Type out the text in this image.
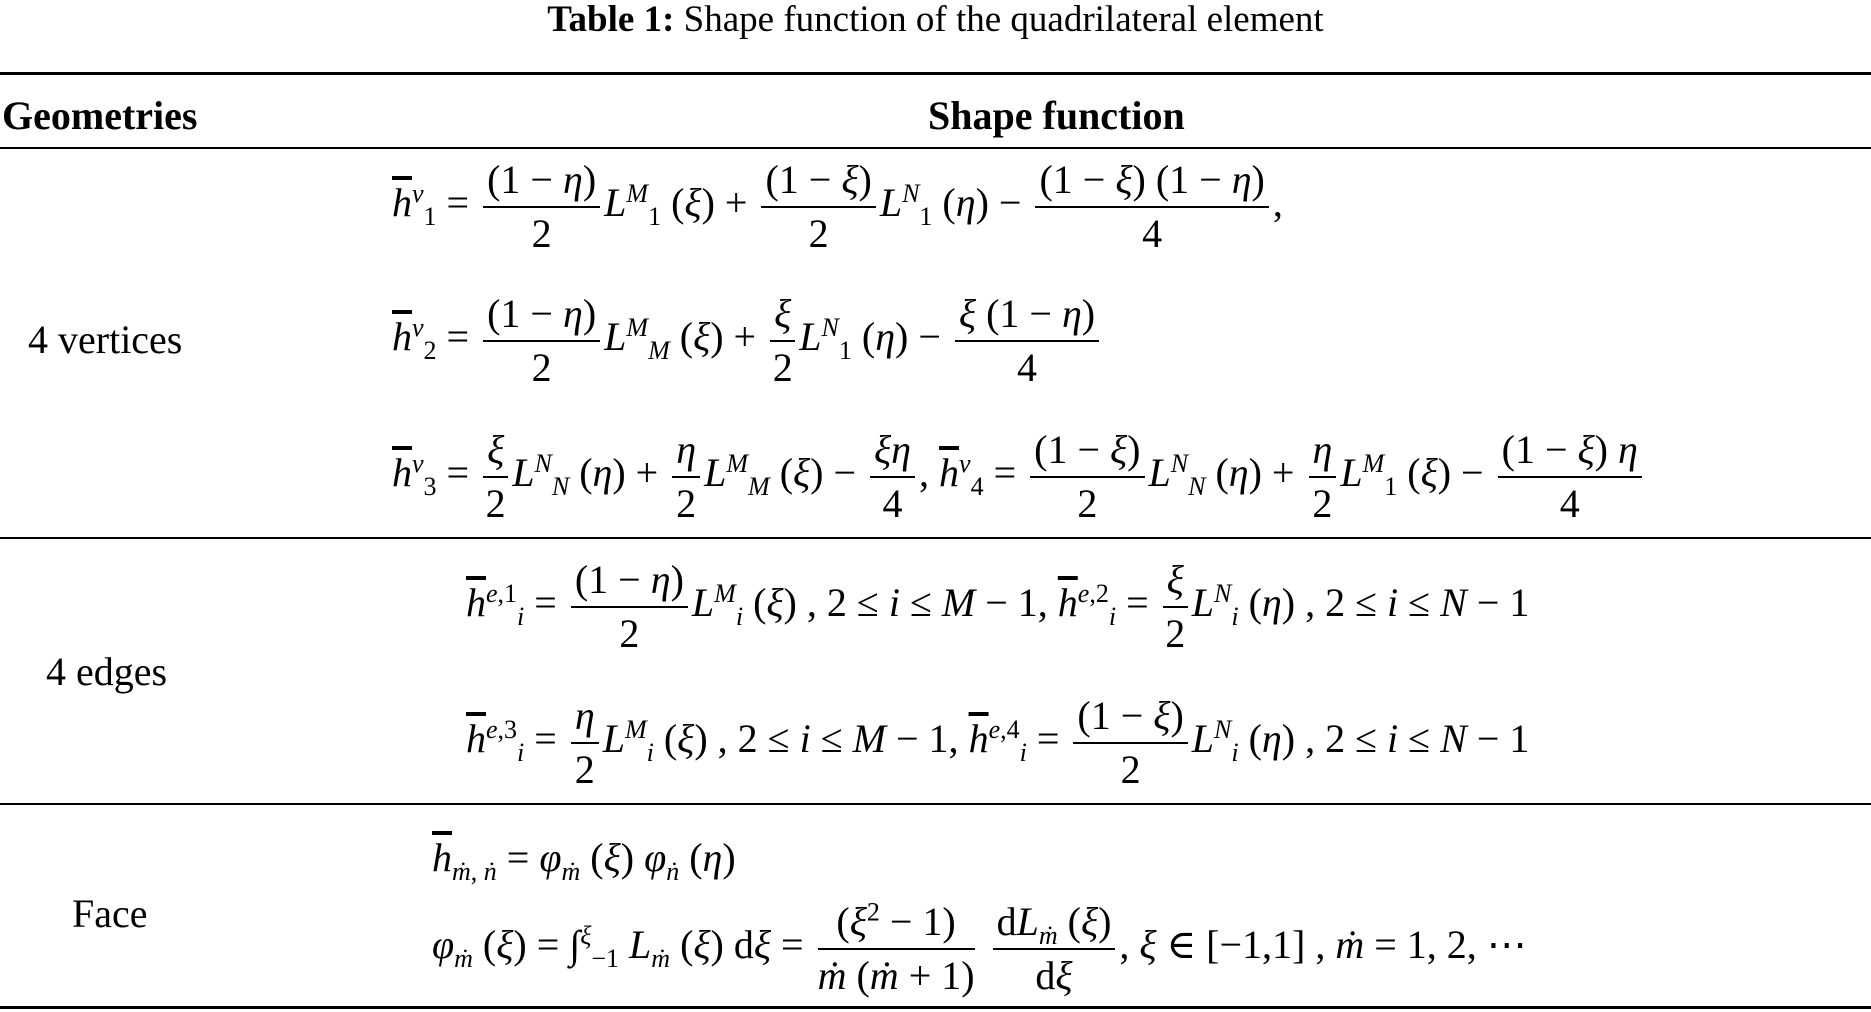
Table 1: Shape function of the quadrilateral element
Geometries	Shape function
4 vertices
$\overline{h}^v_1 = \frac{(1 - \eta)}{2} L^M_1$ $(\xi) + \frac{(1 - \xi)}{2} L^N_1$ $(\eta) - \frac{(1 - \xi) (1 - \eta)}{4}$ ,
$\overline{h}^v_2 = \frac{(1 - \eta)}{2} L^M_M$ $(\xi) + \frac{\xi}{2} L^N_1$ $(\eta) - \frac{\xi (1 - \eta)}{4}$
$\overline{h}^v_3 = \frac{\xi}{2} L^N_N$ $(\eta) + \frac{\eta}{2} L^M_M$ $(\xi) - \frac{\xi\eta}{4}$ , $\overline{h}^v_4 = \frac{(1 - \xi)}{2} L^N_N$ $(\eta) + \frac{\eta}{2} L^M_1$ $(\xi) - \frac{(1 - \xi) \eta}{4}$
4 edges
$\overline{h}^{e,1}_i = \frac{(1 - \eta)}{2} L^M_i$ (ξ) , 2 ≤ i ≤ M − 1, $\overline{h}^{e,2}_i = \frac{\xi}{2} L^N_i$ (η) , 2 ≤ i ≤ N − 1
$\overline{h}^{e,3}_i = \frac{\eta}{2} L^M_i$ (ξ) , 2 ≤ i ≤ M − 1, $\overline{h}^{e,4}_i = \frac{(1 - \xi)}{2} L^N_i$ (η) , 2 ≤ i ≤ N − 1
Face
$\overline{h}_{ṁ, ṅ} = \varphi_ṁ$ (ξ) $\varphi_ṅ$ (η)
$\varphi_ṁ$ (ξ) = ∫$^\xi_{-1}$ $L_ṁ$ (ξ) $d\xi = \frac{(\xi^2 - 1)}{\text{ṁ (ṁ + 1)}}$
$\frac{dL_ṁ (\xi)}{d\xi}$ , ξ ∈ [−1,1] , ṁ = 1, 2, ⋯
